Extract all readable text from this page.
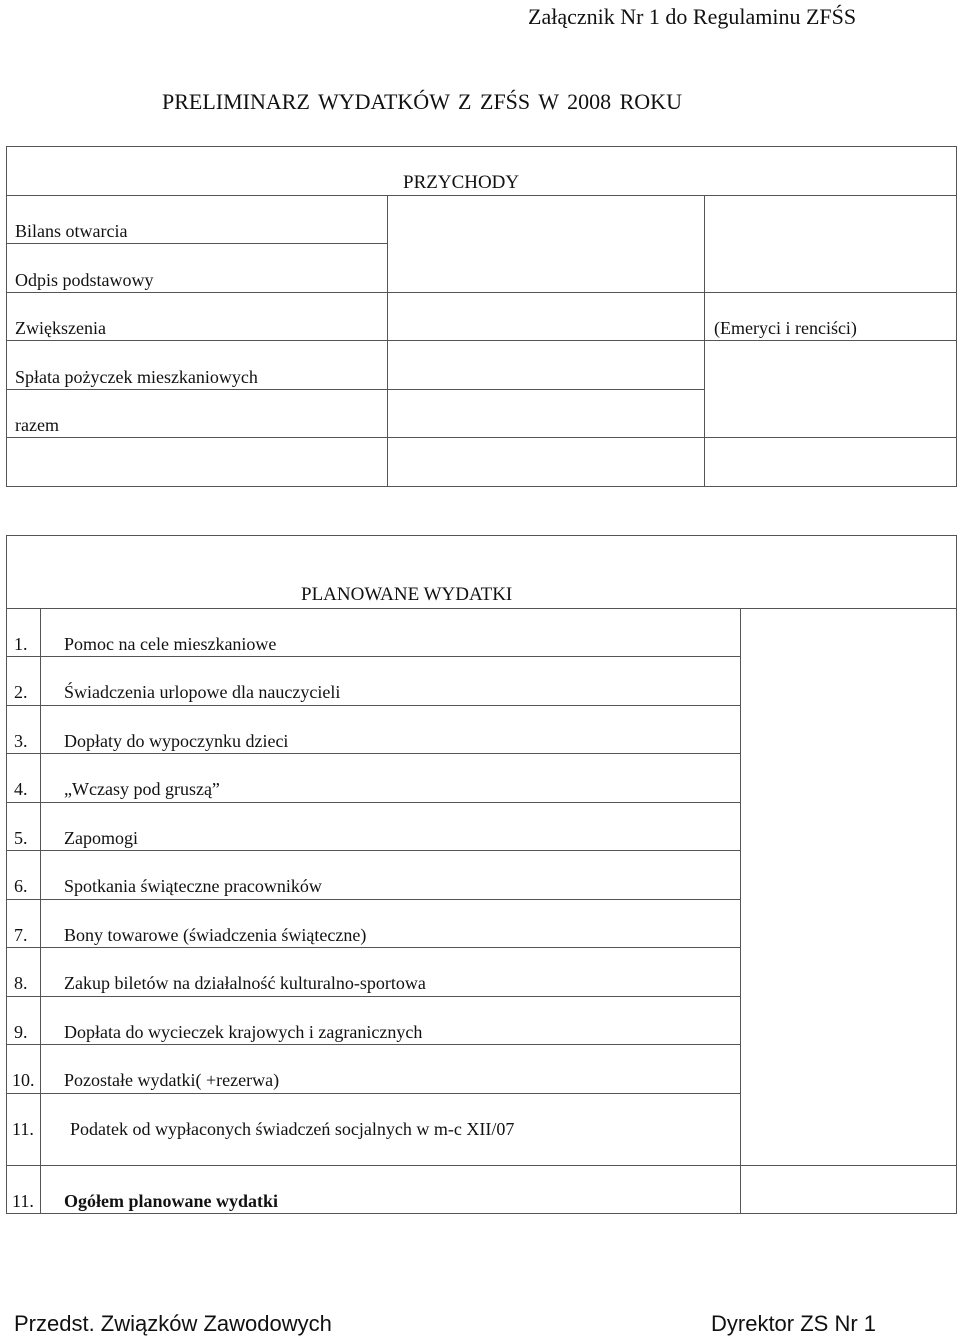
Załącznik Nr 1 do Regulaminu ZFŚS
PRELIMINARZ WYDATKÓW Z ZFŚS W 2008 ROKU
PRZYCHODY
Bilans otwarcia
Odpis podstawowy
Zwiększenia	(Emeryci i renciści)
Spłata pożyczek mieszkaniowych
razem
PLANOWANE WYDATKI
1. Pomoc na cele mieszkaniowe
2. Świadczenia urlopowe dla nauczycieli
3. Dopłaty do wypoczynku dzieci
4. „Wczasy pod gruszą”
5. Zapomogi
6. Spotkania świąteczne pracowników
7. Bony towarowe (świadczenia świąteczne)
8. Zakup biletów na działalność kulturalno-sportowa
9. Dopłata do wycieczek krajowych i zagranicznych
10. Pozostałe wydatki( +rezerwa)
11. Podatek od wypłaconych świadczeń socjalnych w m-c XII/07
11. Ogółem planowane wydatki
Przedst. Związków Zawodowych	Dyrektor ZS Nr 1
